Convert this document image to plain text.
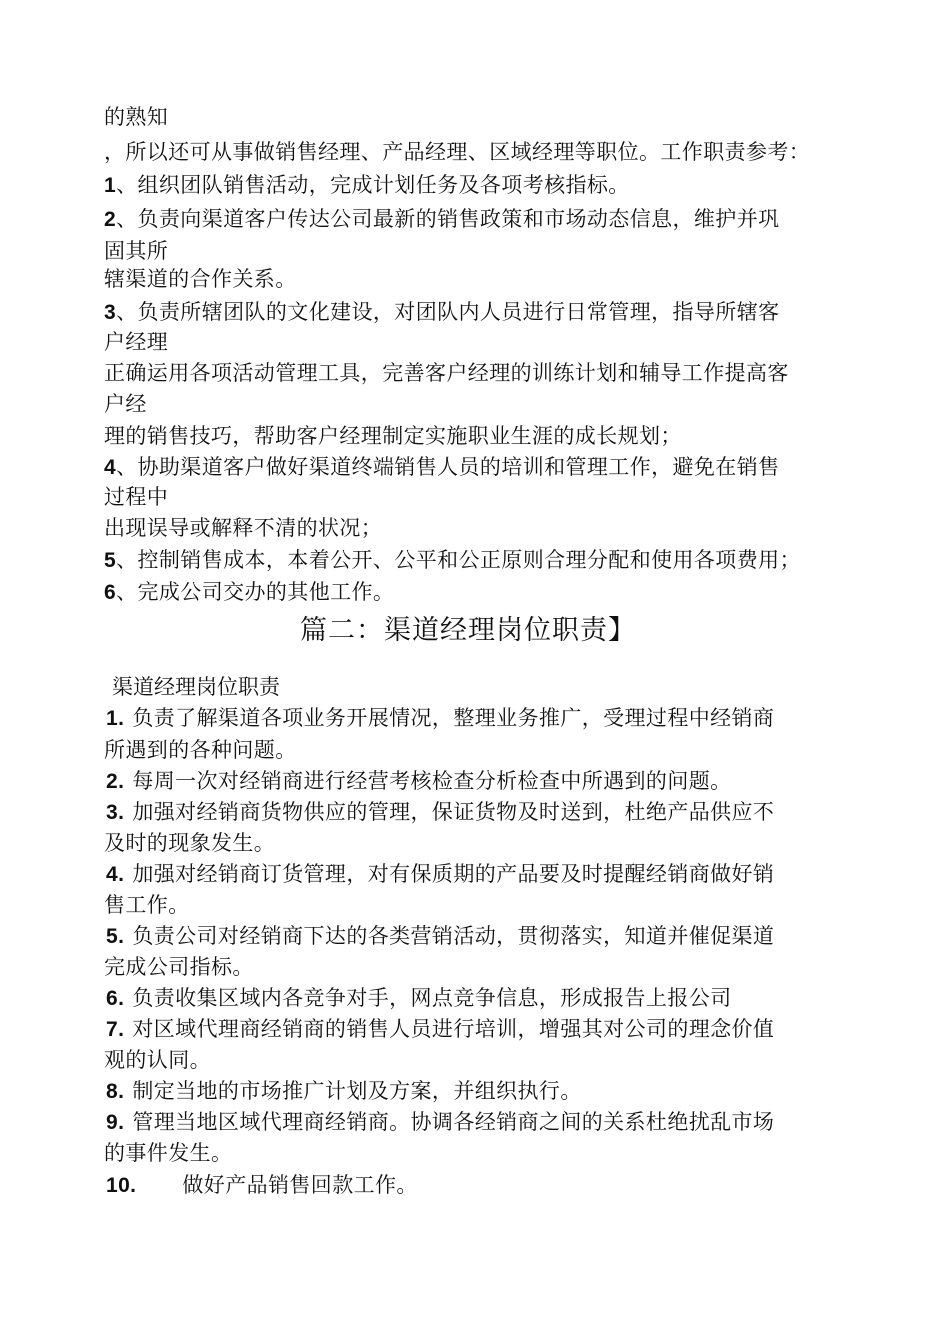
的熟知
，所以还可从事做销售经理、产品经理、区域经理等职位。工作职责参考：
1、组织团队销售活动，完成计划任务及各项考核指标。
2、负责向渠道客户传达公司最新的销售政策和市场动态信息，维护并巩
固其所
辖渠道的合作关系。
3、负责所辖团队的文化建设，对团队内人员进行日常管理，指导所辖客
户经理
正确运用各项活动管理工具，完善客户经理的训练计划和辅导工作提高客
户经
理的销售技巧，帮助客户经理制定实施职业生涯的成长规划；
4、协助渠道客户做好渠道终端销售人员的培训和管理工作，避免在销售
过程中
出现误导或解释不清的状况；
5、控制销售成本，本着公开、公平和公正原则合理分配和使用各项费用；
6、完成公司交办的其他工作。
篇二：渠道经理岗位职责】
渠道经理岗位职责
1. 负责了解渠道各项业务开展情况，整理业务推广，受理过程中经销商
所遇到的各种问题。
2. 每周一次对经销商进行经营考核检查分析检查中所遇到的问题。
3. 加强对经销商货物供应的管理，保证货物及时送到，杜绝产品供应不
及时的现象发生。
4. 加强对经销商订货管理，对有保质期的产品要及时提醒经销商做好销
售工作。
5. 负责公司对经销商下达的各类营销活动，贯彻落实，知道并催促渠道
完成公司指标。
6. 负责收集区域内各竞争对手，网点竞争信息，形成报告上报公司
7. 对区域代理商经销商的销售人员进行培训，增强其对公司的理念价值
观的认同。
8. 制定当地的市场推广计划及方案，并组织执行。
9. 管理当地区域代理商经销商。协调各经销商之间的关系杜绝扰乱市场
的事件发生。
10. 做好产品销售回款工作。
